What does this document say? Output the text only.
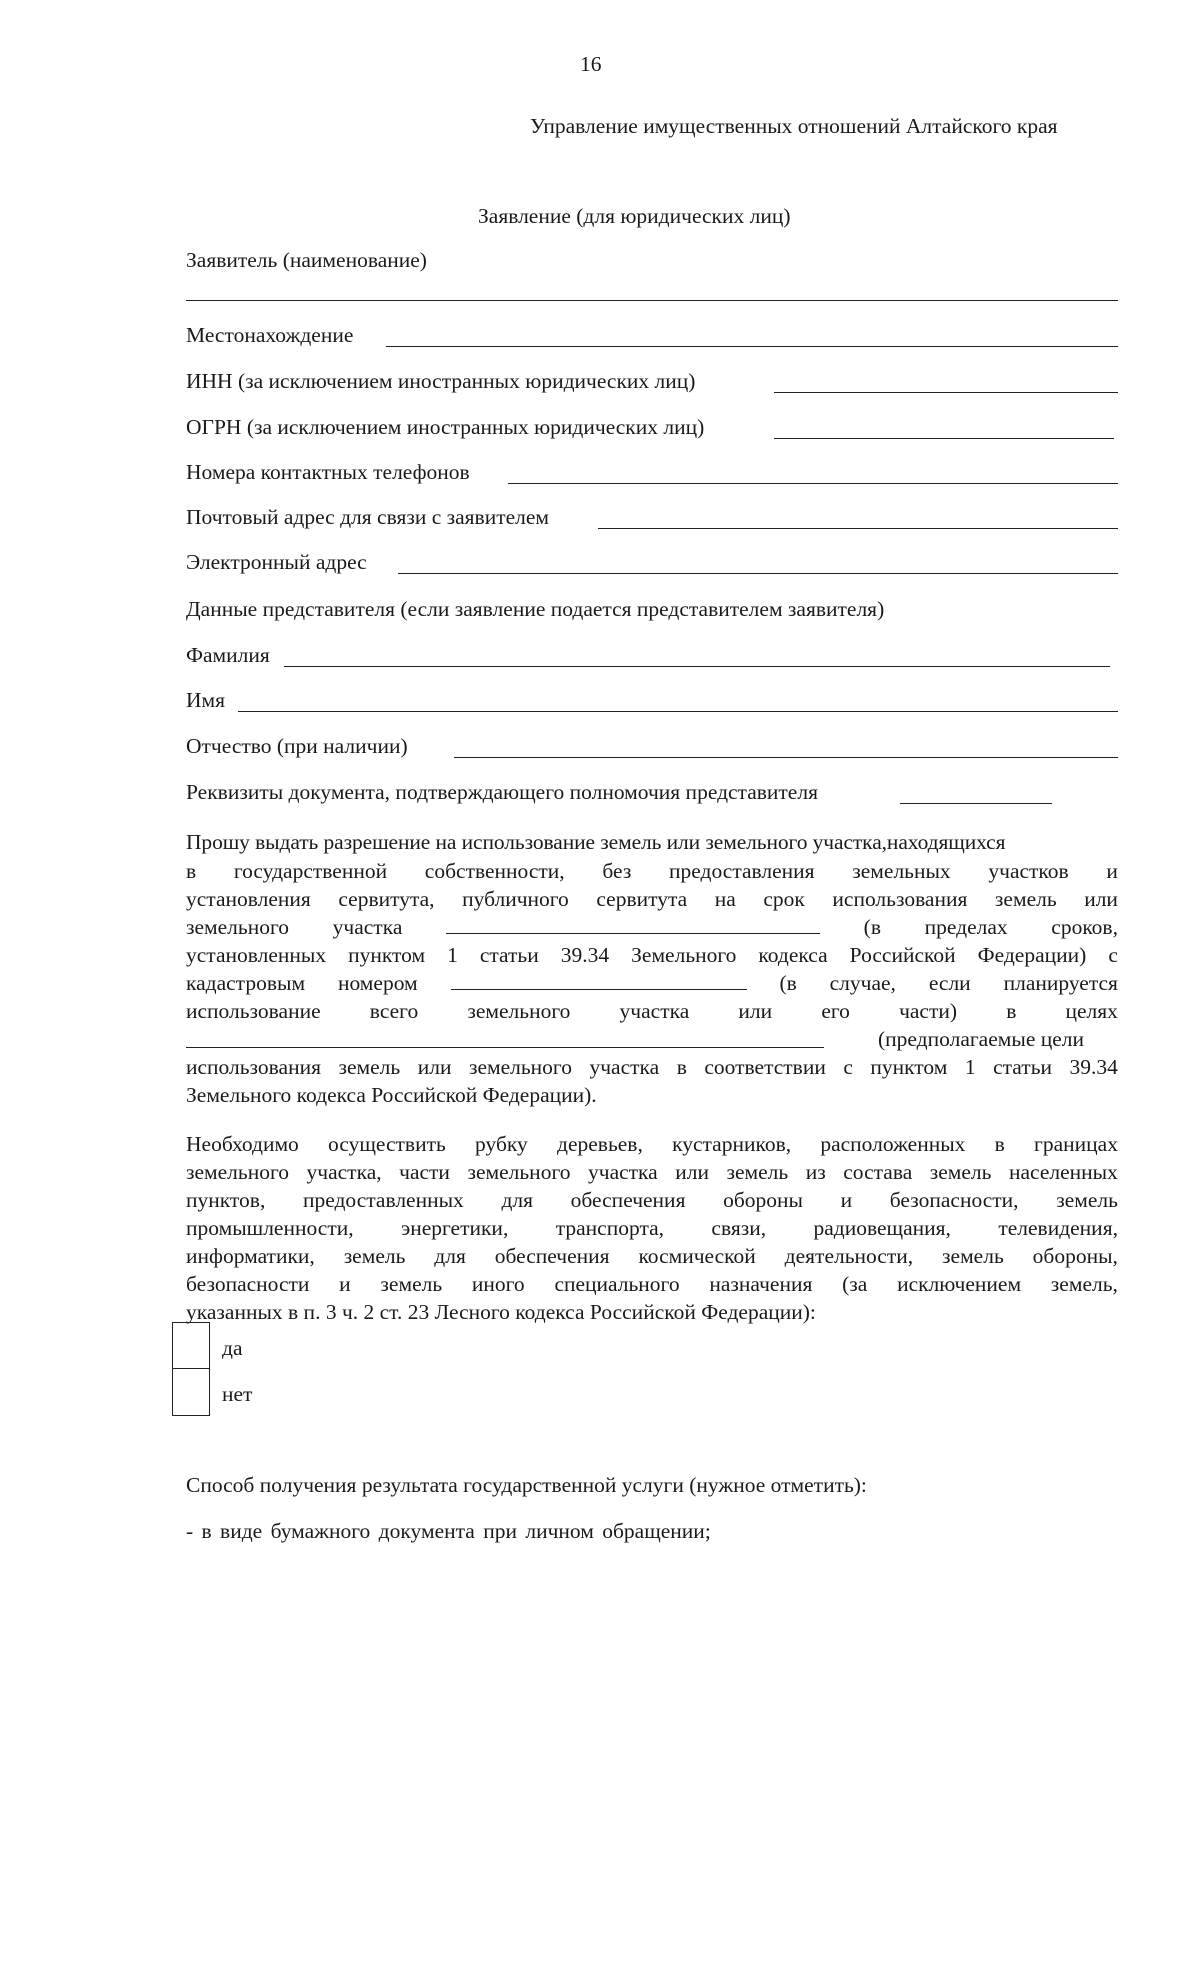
16
Управление имущественных отношений Алтайского края
Заявление (для юридических лиц)
Заявитель (наименование)
Местонахождение
ИНН (за исключением иностранных юридических лиц)
ОГРН (за исключением иностранных юридических лиц)
Номера контактных телефонов
Почтовый адрес для связи с заявителем
Электронный адрес
Данные представителя (если заявление подается представителем заявителя)
Фамилия
Имя
Отчество (при наличии)
Реквизиты документа, подтверждающего полномочия представителя
Прошу выдать разрешение на использование земель или земельного участка,находящихся
в государственной собственности, без предоставления земельных участков и
установления сервитута, публичного сервитута на срок использования земель или
земельного участка	(в пределах сроков,
установленных пунктом 1 статьи 39.34 Земельного кодекса Российской Федерации) с
кадастровым номером	(в случае, если планируется
использование всего земельного участка или его части) в целях
(предполагаемые цели
использования земель или земельного участка в соответствии с пунктом 1 статьи 39.34
Земельного кодекса Российской Федерации).
Необходимо осуществить рубку деревьев, кустарников, расположенных в границах
земельного участка, части земельного участка или земель из состава земель населенных
пунктов, предоставленных для обеспечения обороны и безопасности, земель
промышленности, энергетики, транспорта, связи, радиовещания, телевидения,
информатики, земель для обеспечения космической деятельности, земель обороны,
безопасности и земель иного специального назначения (за исключением земель,
указанных в п. 3 ч. 2 ст. 23 Лесного кодекса Российской Федерации):
да
нет
Способ получения результата государственной услуги (нужное отметить):
- в виде бумажного документа при личном обращении;
